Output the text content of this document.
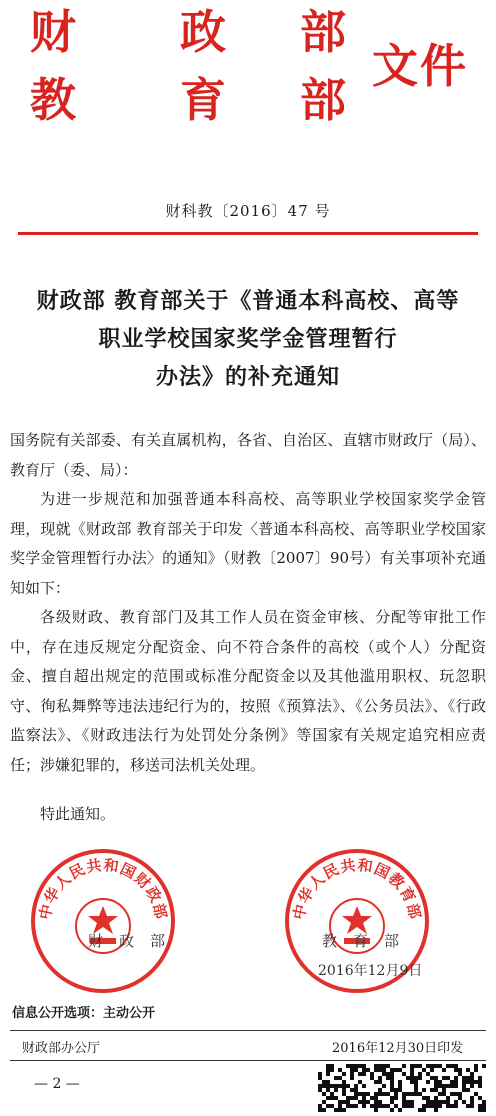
财 政 部
教 育 部
文件
财科教〔2016〕47 号
财政部 教育部关于《普通本科高校、高等
职业学校国家奖学金管理暂行
办法》的补充通知
国务院有关部委、有关直属机构，各省、自治区、直辖市财政厅（局）、教育厅（委、局）：
为进一步规范和加强普通本科高校、高等职业学校国家奖学金管理，现就《财政部 教育部关于印发〈普通本科高校、高等职业学校国家奖学金管理暂行办法〉的通知》（财教〔2007〕90号）有关事项补充通知如下：
各级财政、教育部门及其工作人员在资金审核、分配等审批工作中，存在违反规定分配资金、向不符合条件的高校（或个人）分配资金、擅自超出规定的范围或标准分配资金以及其他滥用职权、玩忽职守、徇私舞弊等违法违纪行为的，按照《预算法》、《公务员法》、《行政监察法》、《财政违法行为处罚处分条例》等国家有关规定追究相应责任；涉嫌犯罪的，移送司法机关处理。
特此通知。
中华人民共和国财政部
财政部
中华人民共和国教育部
教育部
2016年12月9日
信息公开选项：主动公开
财政部办公厅	2016年12月30日印发
— 2 —
